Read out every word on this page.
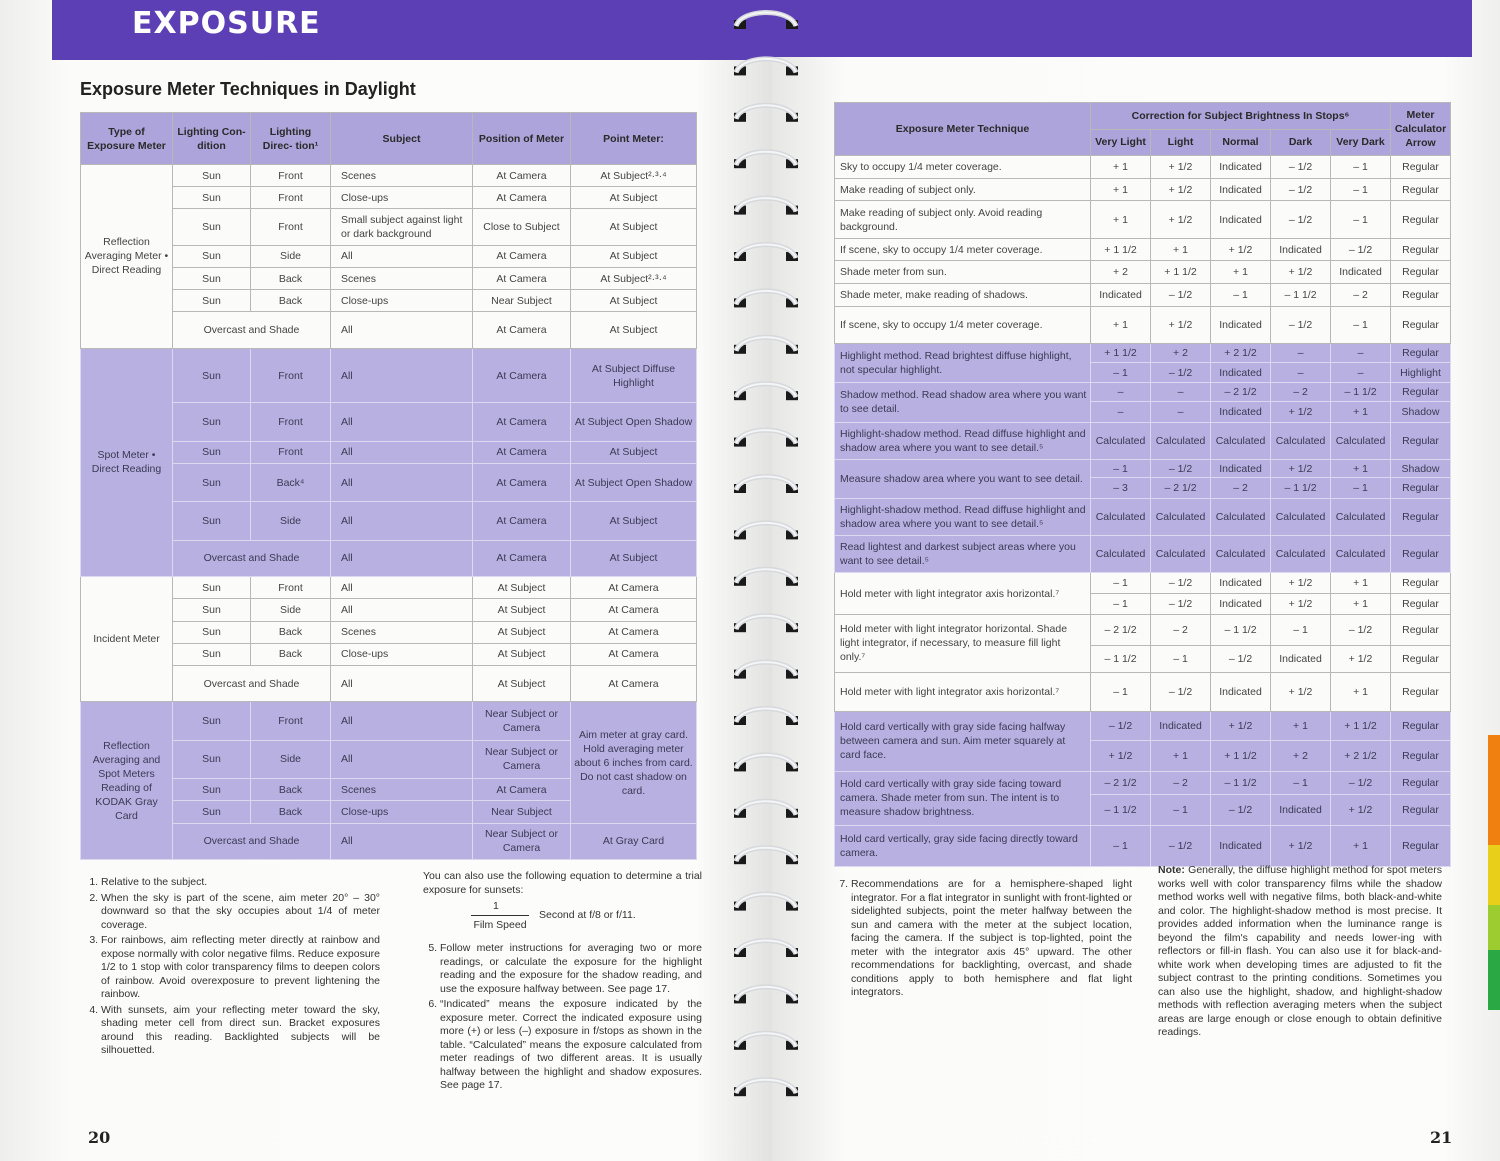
EXPOSURE
Exposure Meter Techniques in Daylight
Type of Exposure Meter	Lighting Con- dition	Lighting Direc- tion¹	Subject	Position of Meter	Point Meter:
Reflection Averaging Meter • Direct Reading	Sun	Front	Scenes	At Camera	At Subject²·³·⁴
	Sun	Front	Close-ups	At Camera	At Subject
	Sun	Front	Small subject against light or dark background	Close to Subject	At Subject
	Sun	Side	All	At Camera	At Subject
	Sun	Back	Scenes	At Camera	At Subject²·³·⁴
	Sun	Back	Close-ups	Near Subject	At Subject
	Overcast and Shade		All	At Camera	At Subject
Spot Meter • Direct Reading	Sun	Front	All	At Camera	At Subject Diffuse Highlight
	Sun	Front	All	At Camera	At Subject Open Shadow
	Sun	Front	All	At Camera	At Subject
	Sun	Back⁴	All	At Camera	At Subject Open Shadow
	Sun	Side	All	At Camera	At Subject
	Overcast and Shade		All	At Camera	At Subject
Incident Meter	Sun	Front	All	At Subject	At Camera
	Sun	Side	All	At Subject	At Camera
	Sun	Back	Scenes	At Subject	At Camera
	Sun	Back	Close-ups	At Subject	At Camera
	Overcast and Shade		All	At Subject	At Camera
Reflection Averaging and Spot Meters Reading of KODAK Gray Card	Sun	Front	All	Near Subject or Camera	Aim meter at gray card. Hold averaging meter about 6 inches from card. Do not cast shadow on card.
	Sun	Side	All	Near Subject or Camera	
	Sun	Back	Scenes	At Camera	
	Sun	Back	Close-ups	Near Subject	
	Overcast and Shade		All	Near Subject or Camera	At Gray Card
1. Relative to the subject.
2. When the sky is part of the scene, aim meter 20° – 30° downward so that the sky occupies about 1/4 of meter coverage.
3. For rainbows, aim reflecting meter directly at rainbow and expose normally with color negative films. Reduce exposure 1/2 to 1 stop with color transparency films to deepen colors of rainbow. Avoid overexposure to prevent lightening the rainbow.
4. With sunsets, aim your reflecting meter toward the sky, shading meter cell from direct sun. Bracket exposures around this reading. Backlighted subjects will be silhouetted.

You can also use the following equation to determine a trial exposure for sunsets:

1
Film Speed
Second at f/8 or f/11.
5. Follow meter instructions for averaging two or more readings, or calculate the exposure for the highlight reading and the exposure for the shadow reading, and use the exposure halfway between. See page 17.
6. “Indicated” means the exposure indicated by the exposure meter. Correct the indicated exposure using more (+) or less (–) exposure in f/stops as shown in the table. “Calculated” means the exposure calculated from meter readings of two different areas. It is usually halfway between the highlight and shadow exposures. See page 17.
20
Exposure Meter Technique	Correction for Subject Brightness In Stops⁶					Meter Calculator Arrow
	Very Light	Light	Normal	Dark	Very Dark	
Sky to occupy 1/4 meter coverage.	+ 1	+ 1/2	Indicated	– 1/2	– 1	Regular
Make reading of subject only.	+ 1	+ 1/2	Indicated	– 1/2	– 1	Regular
Make reading of subject only. Avoid reading background.	+ 1	+ 1/2	Indicated	– 1/2	– 1	Regular
If scene, sky to occupy 1/4 meter coverage.	+ 1 1/2	+ 1	+ 1/2	Indicated	– 1/2	Regular
Shade meter from sun.	+ 2	+ 1 1/2	+ 1	+ 1/2	Indicated	Regular
Shade meter, make reading of shadows.	Indicated	– 1/2	– 1	– 1 1/2	– 2	Regular
If scene, sky to occupy 1/4 meter coverage.	+ 1	+ 1/2	Indicated	– 1/2	– 1	Regular
Highlight method. Read brightest diffuse highlight, not specular highlight.	+ 1 1/2	+ 2	+ 2 1/2	–	–	Regular
	– 1	– 1/2	Indicated	–	–	Highlight
Shadow method. Read shadow area where you want to see detail.	–	–	– 2 1/2	– 2	– 1 1/2	Regular
	–	–	Indicated	+ 1/2	+ 1	Shadow
Highlight-shadow method. Read diffuse highlight and shadow area where you want to see detail.⁵	Calculated	Calculated	Calculated	Calculated	Calculated	Regular
Measure shadow area where you want to see detail.	– 1	– 1/2	Indicated	+ 1/2	+ 1	Shadow
	– 3	– 2 1/2	– 2	– 1 1/2	– 1	Regular
Highlight-shadow method. Read diffuse highlight and shadow area where you want to see detail.⁵	Calculated	Calculated	Calculated	Calculated	Calculated	Regular
Read lightest and darkest subject areas where you want to see detail.⁵	Calculated	Calculated	Calculated	Calculated	Calculated	Regular
Hold meter with light integrator axis horizontal.⁷	– 1	– 1/2	Indicated	+ 1/2	+ 1	Regular
	– 1	– 1/2	Indicated	+ 1/2	+ 1	Regular
Hold meter with light integrator horizontal. Shade light integrator, if necessary, to measure fill light only.⁷	– 2 1/2	– 2	– 1 1/2	– 1	– 1/2	Regular
	– 1 1/2	– 1	– 1/2	Indicated	+ 1/2	Regular
Hold meter with light integrator axis horizontal.⁷	– 1	– 1/2	Indicated	+ 1/2	+ 1	Regular
Hold card vertically with gray side facing halfway between camera and sun. Aim meter squarely at card face.	– 1/2	Indicated	+ 1/2	+ 1	+ 1 1/2	Regular
	+ 1/2	+ 1	+ 1 1/2	+ 2	+ 2 1/2	Regular
Hold card vertically with gray side facing toward camera. Shade meter from sun. The intent is to measure shadow brightness.	– 2 1/2	– 2	– 1 1/2	– 1	– 1/2	Regular
	– 1 1/2	– 1	– 1/2	Indicated	+ 1/2	Regular
Hold card vertically, gray side facing directly toward camera.	– 1	– 1/2	Indicated	+ 1/2	+ 1	Regular
7. Recommendations are for a hemisphere-shaped light integrator. For a flat integrator in sunlight with front-lighted or sidelighted subjects, point the meter halfway between the sun and camera with the meter at the subject location, facing the camera. If the subject is top-lighted, point the meter with the integrator axis 45° upward. The other recommendations for backlighting, overcast, and shade conditions apply to both hemisphere and flat light integrators.
Note: Generally, the diffuse highlight method for spot meters works well with color transparency films while the shadow method works well with negative films, both black-and-white and color. The highlight-shadow method is most precise. It provides added information when the luminance range is beyond the film's capability and needs lower-ing with reflectors or fill-in flash. You can also use it for black-and-white work when developing times are adjusted to fit the subject contrast to the printing conditions. Sometimes you can also use the highlight, shadow, and highlight-shadow methods with reflection averaging meters when the subject areas are large enough or close enough to obtain definitive readings.
21
